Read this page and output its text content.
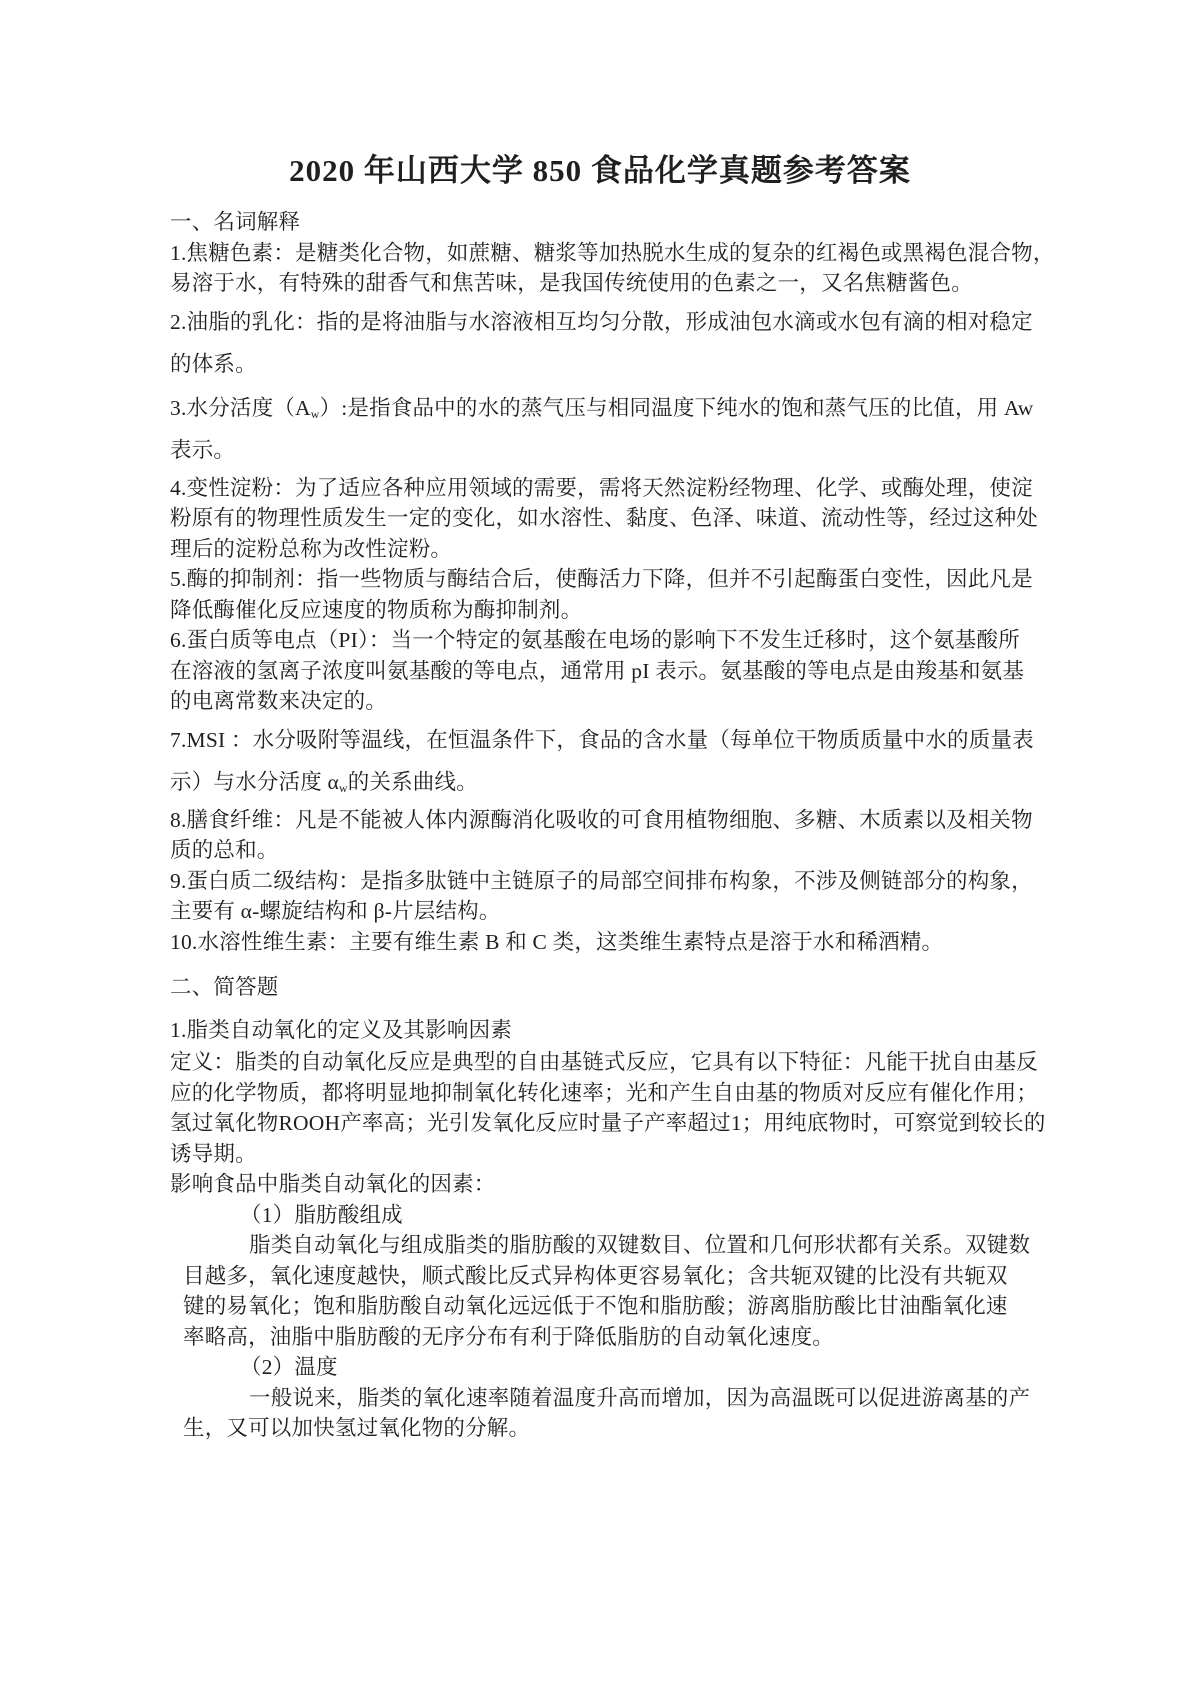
2020 年山西大学 850 食品化学真题参考答案
一、名词解释
1.焦糖色素：是糖类化合物，如蔗糖、糖浆等加热脱水生成的复杂的红褐色或黑褐色混合物，
易溶于水，有特殊的甜香气和焦苦味，是我国传统使用的色素之一，又名焦糖酱色。
2.油脂的乳化：指的是将油脂与水溶液相互均匀分散，形成油包水滴或水包有滴的相对稳定
的体系。
3.水分活度$(A_w)$:是指食品中的水的蒸气压与相同温度下纯水的饱和蒸气压的比值，用 Aw
表示。
4.变性淀粉：为了适应各种应用领域的需要，需将天然淀粉经物理、化学、或酶处理，使淀
粉原有的物理性质发生一定的变化，如水溶性、黏度、色泽、味道、流动性等，经过这种处
理后的淀粉总称为改性淀粉。
5.酶的抑制剂：指一些物质与酶结合后，使酶活力下降，但并不引起酶蛋白变性，因此凡是
降低酶催化反应速度的物质称为酶抑制剂。
6.蛋白质等电点（PI）：当一个特定的氨基酸在电场的影响下不发生迁移时，这个氨基酸所
在溶液的氢离子浓度叫氨基酸的等电点，通常用 pI 表示。氨基酸的等电点是由羧基和氨基
的电离常数来决定的。
7.MSI ：水分吸附等温线，在恒温条件下，食品的含水量（每单位干物质质量中水的质量表
示）与水分活度 $\alpha_w$的关系曲线。
8.膳食纤维：凡是不能被人体内源酶消化吸收的可食用植物细胞、多糖、木质素以及相关物
质的总和。
9.蛋白质二级结构：是指多肽链中主链原子的局部空间排布构象，不涉及侧链部分的构象，
主要有 α-螺旋结构和 β-片层结构。
10.水溶性维生素：主要有维生素 B 和 C 类，这类维生素特点是溶于水和稀酒精。
二、简答题
1.脂类自动氧化的定义及其影响因素
定义：脂类的自动氧化反应是典型的自由基链式反应，它具有以下特征：凡能干扰自由基反
应的化学物质，都将明显地抑制氧化转化速率；光和产生自由基的物质对反应有催化作用；
氢过氧化物ROOH产率高；光引发氧化反应时量子产率超过1；用纯底物时，可察觉到较长的
诱导期。
影响食品中脂类自动氧化的因素：
（1）脂肪酸组成
脂类自动氧化与组成脂类的脂肪酸的双键数目、位置和几何形状都有关系。双键数
目越多，氧化速度越快，顺式酸比反式异构体更容易氧化；含共轭双键的比没有共轭双
键的易氧化；饱和脂肪酸自动氧化远远低于不饱和脂肪酸；游离脂肪酸比甘油酯氧化速
率略高，油脂中脂肪酸的无序分布有利于降低脂肪的自动氧化速度。
（2）温度
一般说来，脂类的氧化速率随着温度升高而增加，因为高温既可以促进游离基的产
生，又可以加快氢过氧化物的分解。
